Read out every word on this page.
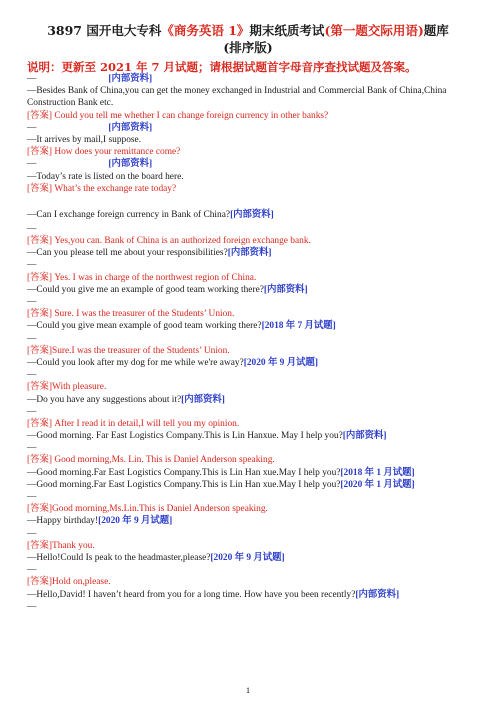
3897 国开电大专科《商务英语 1》期末纸质考试(第一题交际用语)题库
(排序版)
说明：更新至 2021 年 7 月试题；请根据试题首字母音序查找试题及答案。
—	[内部资料]
—Besides Bank of China,you can get the money exchanged in Industrial and Commercial Bank of China,China Construction Bank etc.
[答案] Could you tell me whether I can change foreign currency in other banks?
—	[内部资料]
—It arrives by mail,I suppose.
[答案] How does your remittance come?
—	[内部资料]
—Today’s rate is listed on the board here.
[答案] What’s the exchange rate today?
—Can I exchange foreign currency in Bank of China?[内部资料]
—
[答案] Yes,you can. Bank of China is an authorized foreign exchange bank.
—Can you please tell me about your responsibilities?[内部资料]
—
[答案] Yes. I was in charge of the northwest region of China.
—Could you give me an example of good team working there?[内部资料]
—
[答案] Sure. I was the treasurer of the Students’ Union.
—Could you give mean example of good team working there?[2018 年 7 月试题]
—
[答案]Sure.I was the treasurer of the Students’ Union.
—Could you look after my dog for me while we're away?[2020 年 9 月试题]
—
[答案]With pleasure.
—Do you have any suggestions about it?[内部资料]
—
[答案] After I read it in detail,I will tell you my opinion.
—Good morning. Far East Logistics Company.This is Lin Hanxue. May I help you?[内部资料]
—
[答案] Good morning,Ms. Lin. This is Daniel Anderson speaking.
—Good morning.Far East Logistics Company.This is Lin Han xue.May I help you?[2018 年 1 月试题]
—Good morning.Far East Logistics Company.This is Lin Han xue.May I help you?[2020 年 1 月试题]
—
[答案]Good morning,Ms.Lin.This is Daniel Anderson speaking.
—Happy birthday![2020 年 9 月试题]
—
[答案]Thank you.
—Hello!Could Is peak to the headmaster,please?[2020 年 9 月试题]
—
[答案]Hold on,please.
—Hello,David! I haven’t heard from you for a long time. How have you been recently?[内部资料]
—
1
